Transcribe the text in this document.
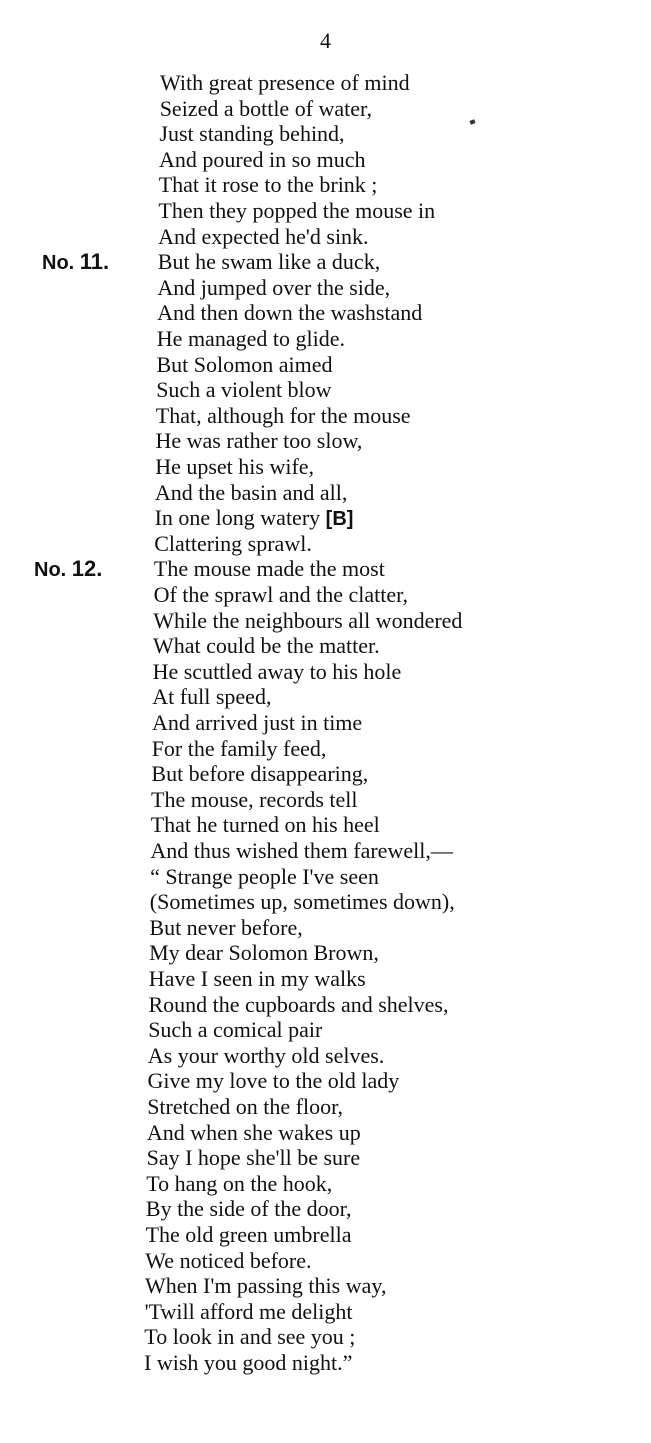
4
With great presence of mind
Seized a bottle of water,
Just standing behind,
And poured in so much
That it rose to the brink ;
Then they popped the mouse in
And expected he'd sink.
But he swam like a duck,
No. 11.
And jumped over the side,
And then down the washstand
He managed to glide.
But Solomon aimed
Such a violent blow
That, although for the mouse
He was rather too slow,
He upset his wife,
And the basin and all,
In one long watery [B]
Clattering sprawl.
The mouse made the most
No. 12.
Of the sprawl and the clatter,
While the neighbours all wondered
What could be the matter.
He scuttled away to his hole
At full speed,
And arrived just in time
For the family feed,
But before disappearing,
The mouse, records tell
That he turned on his heel
And thus wished them farewell,—
“ Strange people I've seen
(Sometimes up, sometimes down),
But never before,
My dear Solomon Brown,
Have I seen in my walks
Round the cupboards and shelves,
Such a comical pair
As your worthy old selves.
Give my love to the old lady
Stretched on the floor,
And when she wakes up
Say I hope she'll be sure
To hang on the hook,
By the side of the door,
The old green umbrella
We noticed before.
When I'm passing this way,
'Twill afford me delight
To look in and see you ;
I wish you good night.”
